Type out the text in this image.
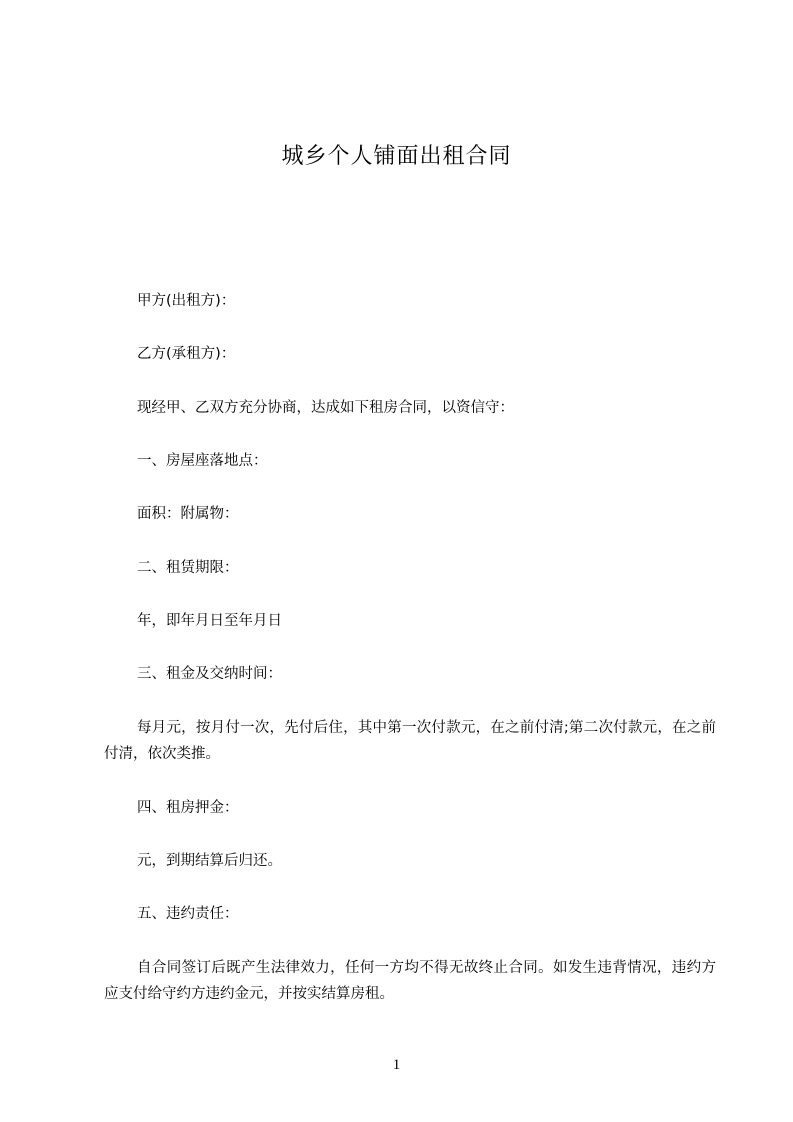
城乡个人铺面出租合同
甲方(出租方)：
乙方(承租方)：
现经甲、乙双方充分协商，达成如下租房合同，以资信守：
一、房屋座落地点：
面积：附属物：
二、租赁期限：
年，即年月日至年月日
三、租金及交纳时间：
每月元，按月付一次，先付后住，其中第一次付款元，在之前付清;第二次付款元，在之前付清，依次类推。
四、租房押金：
元，到期结算后归还。
五、违约责任：
自合同签订后既产生法律效力，任何一方均不得无故终止合同。如发生违背情况，违约方应支付给守约方违约金元，并按实结算房租。
1
